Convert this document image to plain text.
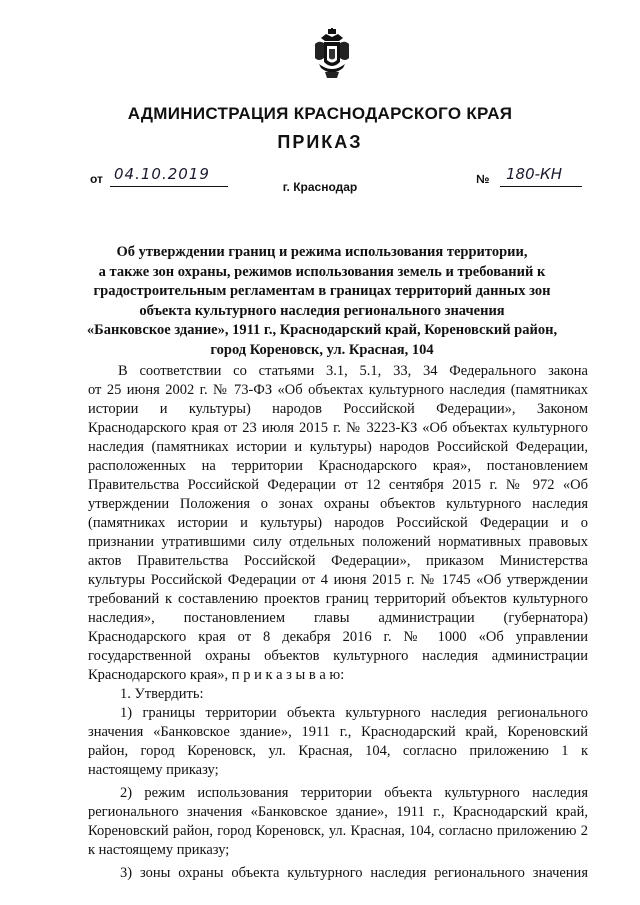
АДМИНИСТРАЦИЯ КРАСНОДАРСКОГО КРАЯ
ПРИКАЗ
от 04.10.2019	№ 180-КН
г. Краснодар
Об утверждении границ и режима использования территории,
а также зон охраны, режимов использования земель и требований к
градостроительным регламентам в границах территорий данных зон
объекта культурного наследия регионального значения
«Банковское здание», 1911 г., Краснодарский край, Кореновский район,
город Кореновск, ул. Красная, 104
В соответствии со статьями 3.1, 5.1, 33, 34 Федерального закона
от 25 июня 2002 г. № 73-ФЗ «Об объектах культурного наследия (памятниках
истории и культуры) народов Российской Федерации», Законом
Краснодарского края от 23 июля 2015 г. № 3223-КЗ «Об объектах культурного
наследия (памятниках истории и культуры) народов Российской Федерации,
расположенных на территории Краснодарского края», постановлением
Правительства Российской Федерации от 12 сентября 2015 г. № 972 «Об
утверждении Положения о зонах охраны объектов культурного наследия
(памятниках истории и культуры) народов Российской Федерации и о
признании утратившими силу отдельных положений нормативных правовых
актов Правительства Российской Федерации», приказом Министерства
культуры Российской Федерации от 4 июня 2015 г. № 1745 «Об утверждении
требований к составлению проектов границ территорий объектов культурного
наследия», постановлением главы администрации (губернатора)
Краснодарского края от 8 декабря 2016 г. № 1000 «Об управлении
государственной охраны объектов культурного наследия администрации
Краснодарского края», п р и к а з ы в а ю:
1. Утвердить:
1) границы территории объекта культурного наследия регионального
значения «Банковское здание», 1911 г., Краснодарский край, Кореновский
район, город Кореновск, ул. Красная, 104, согласно приложению 1 к
настоящему приказу;
2) режим использования территории объекта культурного наследия
регионального значения «Банковское здание», 1911 г., Краснодарский край,
Кореновский район, город Кореновск, ул. Красная, 104, согласно приложению 2
к настоящему приказу;
3) зоны охраны объекта культурного наследия регионального значения
